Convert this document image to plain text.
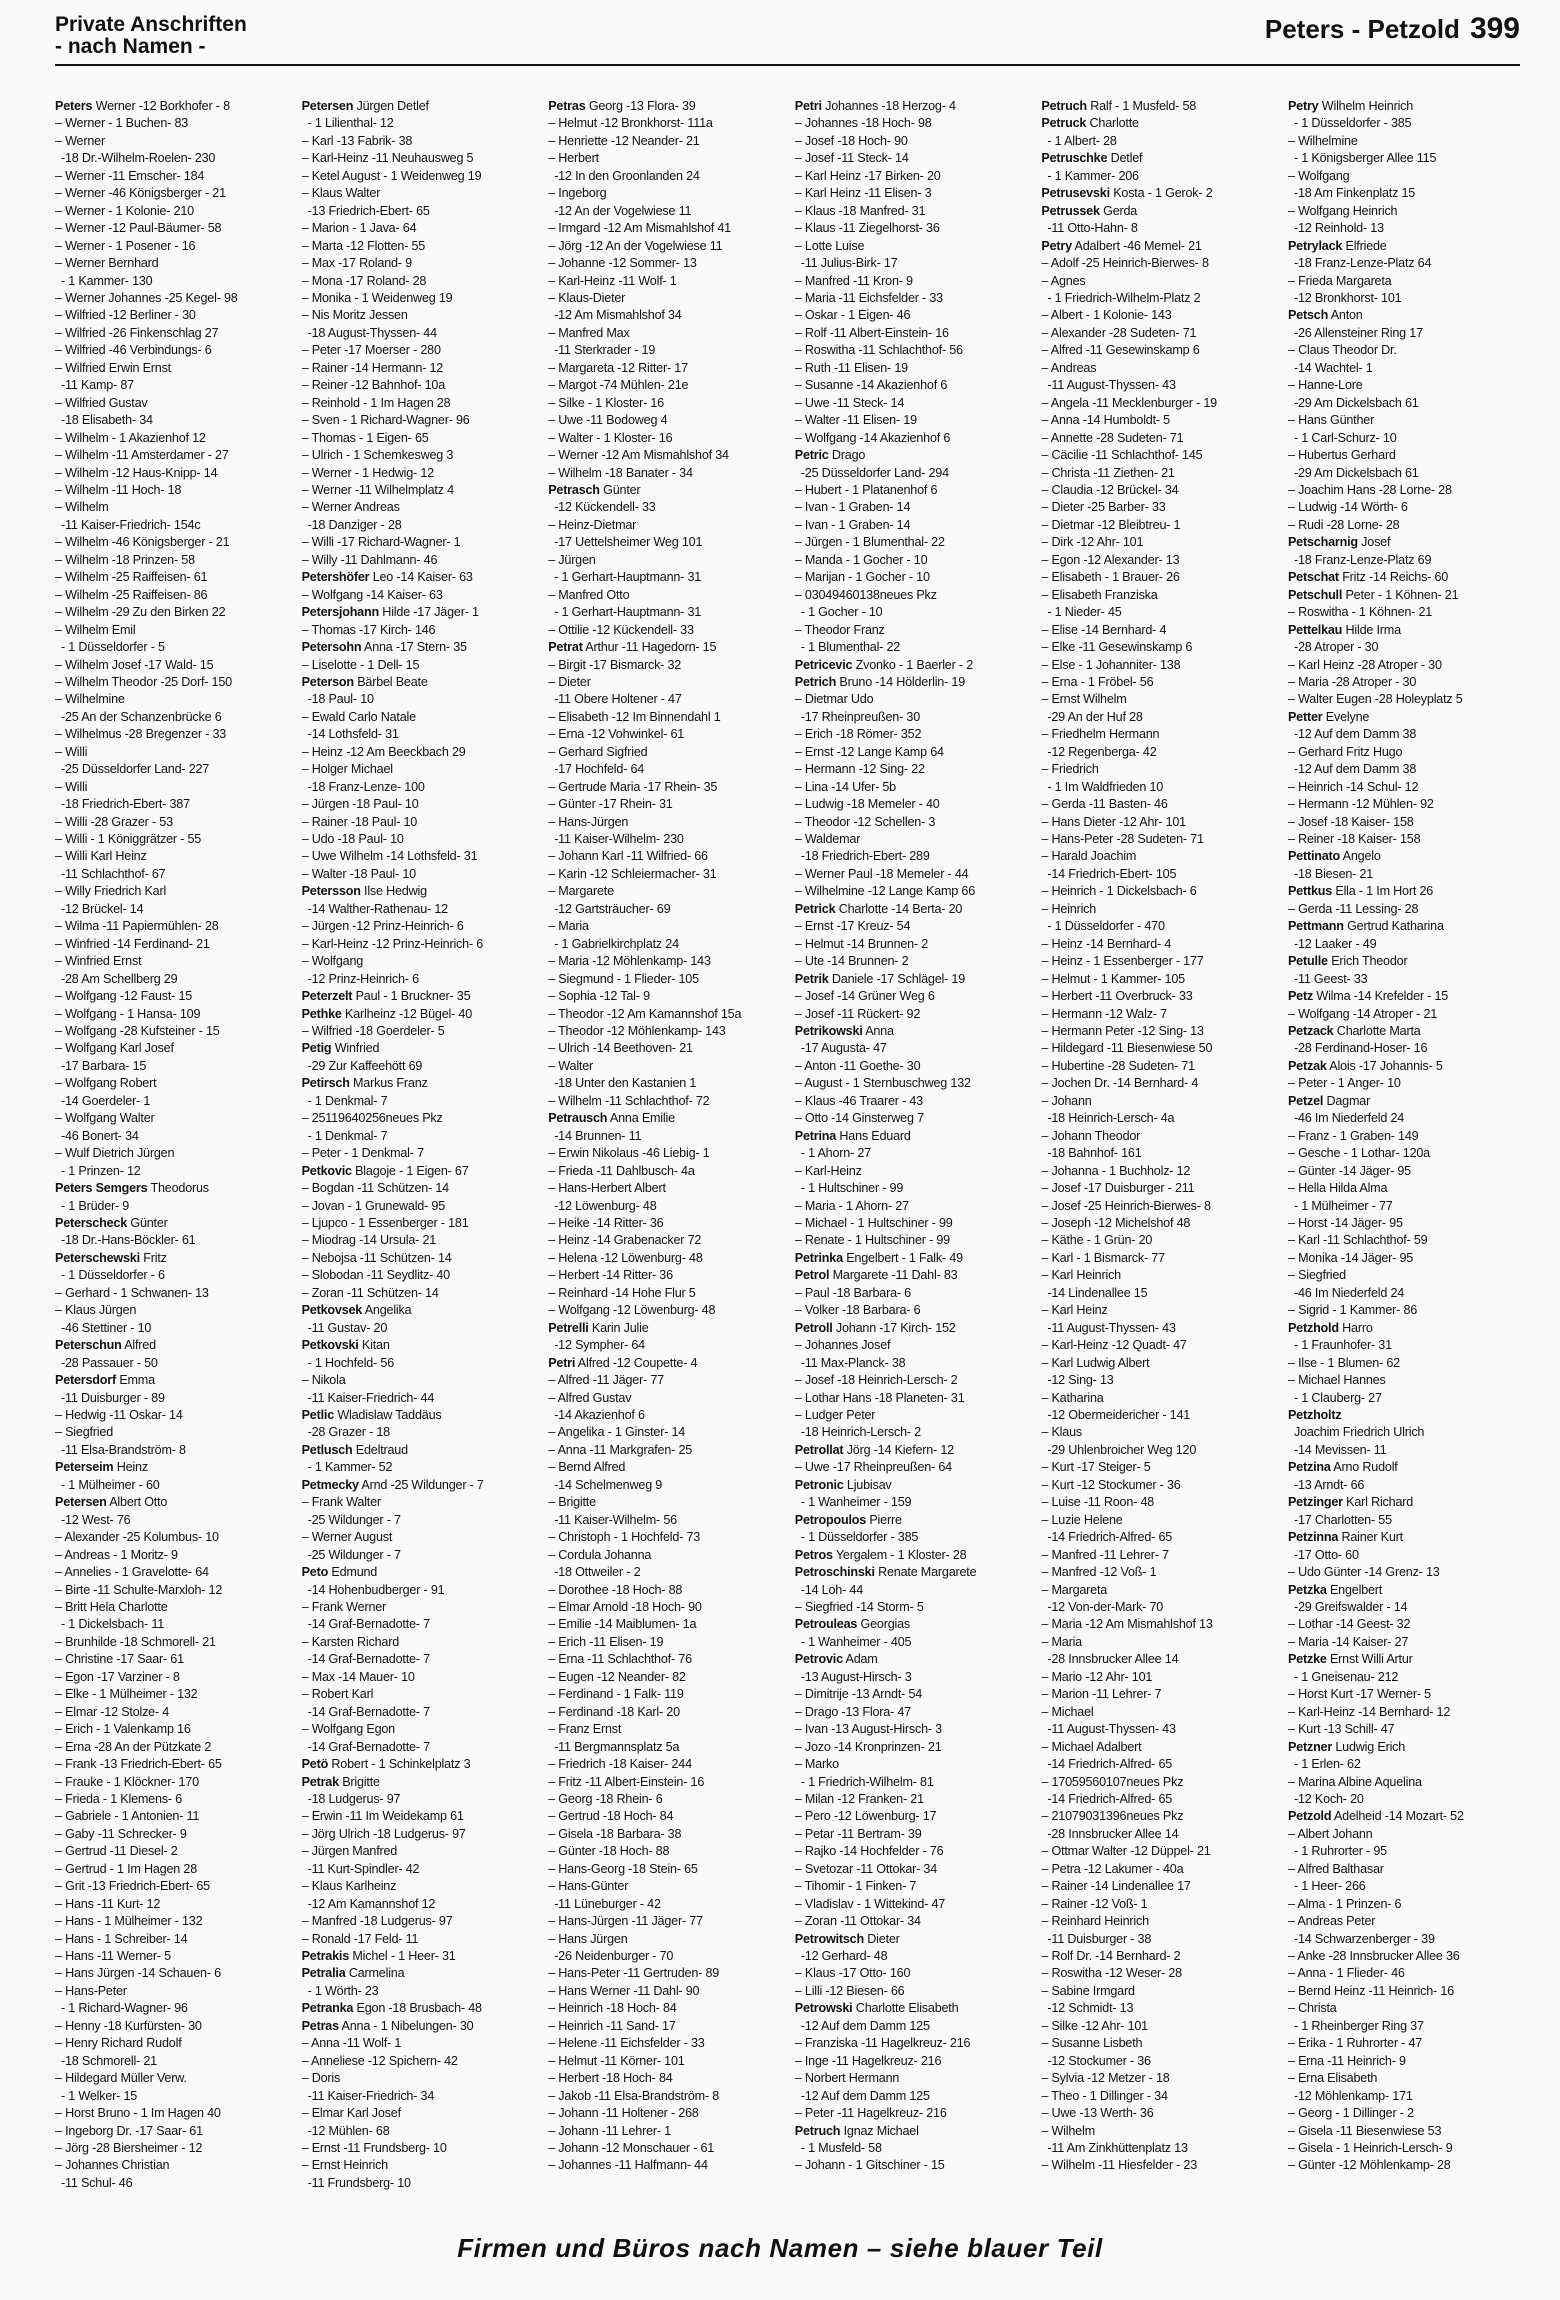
Private Anschriften
- nach Namen -
Peters - Petzold 399
Peters Werner -12 Borkhofer - 8
– Werner - 1 Buchen- 83
– Werner
-18 Dr.-Wilhelm-Roelen- 230
– Werner -11 Emscher- 184
– Werner -46 Königsberger - 21
– Werner - 1 Kolonie- 210
– Werner -12 Paul-Bäumer- 58
– Werner - 1 Posener - 16
– Werner Bernhard
- 1 Kammer- 130
– Werner Johannes -25 Kegel- 98
– Wilfried -12 Berliner - 30
– Wilfried -26 Finkenschlag 27
– Wilfried -46 Verbindungs- 6
– Wilfried Erwin Ernst
-11 Kamp- 87
– Wilfried Gustav
-18 Elisabeth- 34
– Wilhelm - 1 Akazienhof 12
– Wilhelm -11 Amsterdamer - 27
– Wilhelm -12 Haus-Knipp- 14
– Wilhelm -11 Hoch- 18
– Wilhelm
-11 Kaiser-Friedrich- 154c
– Wilhelm -46 Königsberger - 21
– Wilhelm -18 Prinzen- 58
– Wilhelm -25 Raiffeisen- 61
– Wilhelm -25 Raiffeisen- 86
– Wilhelm -29 Zu den Birken 22
– Wilhelm Emil
- 1 Düsseldorfer - 5
– Wilhelm Josef -17 Wald- 15
– Wilhelm Theodor -25 Dorf- 150
– Wilhelmine
-25 An der Schanzenbrücke 6
– Wilhelmus -28 Bregenzer - 33
– Willi
-25 Düsseldorfer Land- 227
– Willi
-18 Friedrich-Ebert- 387
– Willi -28 Grazer - 53
– Willi - 1 Königgrätzer - 55
– Willi Karl Heinz
-11 Schlachthof- 67
– Willy Friedrich Karl
-12 Brückel- 14
– Wilma -11 Papiermühlen- 28
– Winfried -14 Ferdinand- 21
– Winfried Ernst
-28 Am Schellberg 29
– Wolfgang -12 Faust- 15
– Wolfgang - 1 Hansa- 109
– Wolfgang -28 Kufsteiner - 15
– Wolfgang Karl Josef
-17 Barbara- 15
– Wolfgang Robert
-14 Goerdeler- 1
– Wolfgang Walter
-46 Bonert- 34
– Wulf Dietrich Jürgen
- 1 Prinzen- 12
Peters Semgers Theodorus
- 1 Brüder- 9
Peterscheck Günter
-18 Dr.-Hans-Böckler- 61
Peterschewski Fritz
- 1 Düsseldorfer - 6
– Gerhard - 1 Schwanen- 13
– Klaus Jürgen
-46 Stettiner - 10
Peterschun Alfred
-28 Passauer - 50
Petersdorf Emma
-11 Duisburger - 89
– Hedwig -11 Oskar- 14
– Siegfried
-11 Elsa-Brandström- 8
Peterseim Heinz
- 1 Mülheimer - 60
Petersen Albert Otto
-12 West- 76
– Alexander -25 Kolumbus- 10
– Andreas - 1 Moritz- 9
– Annelies - 1 Gravelotte- 64
– Birte -11 Schulte-Marxloh- 12
– Britt Hela Charlotte
- 1 Dickelsbach- 11
– Brunhilde -18 Schmorell- 21
– Christine -17 Saar- 61
– Egon -17 Varziner - 8
– Elke - 1 Mülheimer - 132
– Elmar -12 Stolze- 4
– Erich - 1 Valenkamp 16
– Erna -28 An der Pützkate 2
– Frank -13 Friedrich-Ebert- 65
– Frauke - 1 Klöckner- 170
– Frieda - 1 Klemens- 6
– Gabriele - 1 Antonien- 11
– Gaby -11 Schrecker- 9
– Gertrud -11 Diesel- 2
– Gertrud - 1 Im Hagen 28
– Grit -13 Friedrich-Ebert- 65
– Hans -11 Kurt- 12
– Hans - 1 Mülheimer - 132
– Hans - 1 Schreiber- 14
– Hans -11 Werner- 5
– Hans Jürgen -14 Schauen- 6
– Hans-Peter
- 1 Richard-Wagner- 96
– Henny -18 Kurfürsten- 30
– Henry Richard Rudolf
-18 Schmorell- 21
– Hildegard Müller Verw.
- 1 Welker- 15
– Horst Bruno - 1 Im Hagen 40
– Ingeborg Dr. -17 Saar- 61
– Jörg -28 Biersheimer - 12
– Johannes Christian
-11 Schul- 46
Petersen Jürgen Detlef
- 1 Lilienthal- 12
– Karl -13 Fabrik- 38
– Karl-Heinz -11 Neuhausweg 5
– Ketel August - 1 Weidenweg 19
– Klaus Walter
-13 Friedrich-Ebert- 65
– Marion - 1 Java- 64
– Marta -12 Flotten- 55
– Max -17 Roland- 9
– Mona -17 Roland- 28
– Monika - 1 Weidenweg 19
– Nis Moritz Jessen
-18 August-Thyssen- 44
– Peter -17 Moerser - 280
– Rainer -14 Hermann- 12
– Reiner -12 Bahnhof- 10a
– Reinhold - 1 Im Hagen 28
– Sven - 1 Richard-Wagner- 96
– Thomas - 1 Eigen- 65
– Ulrich - 1 Schemkesweg 3
– Werner - 1 Hedwig- 12
– Werner -11 Wilhelmplatz 4
– Werner Andreas
-18 Danziger - 28
– Willi -17 Richard-Wagner- 1
– Willy -11 Dahlmann- 46
Petershöfer Leo -14 Kaiser- 63
– Wolfgang -14 Kaiser- 63
Petersjohann Hilde -17 Jäger- 1
– Thomas -17 Kirch- 146
Petersohn Anna -17 Stern- 35
– Liselotte - 1 Dell- 15
Peterson Bärbel Beate
-18 Paul- 10
– Ewald Carlo Natale
-14 Lothsfeld- 31
– Heinz -12 Am Beeckbach 29
– Holger Michael
-18 Franz-Lenze- 100
– Jürgen -18 Paul- 10
– Rainer -18 Paul- 10
– Udo -18 Paul- 10
– Uwe Wilhelm -14 Lothsfeld- 31
– Walter -18 Paul- 10
Petersson Ilse Hedwig
-14 Walther-Rathenau- 12
– Jürgen -12 Prinz-Heinrich- 6
– Karl-Heinz -12 Prinz-Heinrich- 6
– Wolfgang
-12 Prinz-Heinrich- 6
Peterzelt Paul - 1 Bruckner- 35
Pethke Karlheinz -12 Bügel- 40
– Wilfried -18 Goerdeler- 5
Petig Winfried
-29 Zur Kaffeehött 69
Petirsch Markus Franz
- 1 Denkmal- 7
– 25119640256neues Pkz
- 1 Denkmal- 7
– Peter - 1 Denkmal- 7
Petkovic Blagoje - 1 Eigen- 67
– Bogdan -11 Schützen- 14
– Jovan - 1 Grunewald- 95
– Ljupco - 1 Essenberger - 181
– Miodrag -14 Ursula- 21
– Nebojsa -11 Schützen- 14
– Slobodan -11 Seydlitz- 40
– Zoran -11 Schützen- 14
Petkovsek Angelika
-11 Gustav- 20
Petkovski Kitan
- 1 Hochfeld- 56
– Nikola
-11 Kaiser-Friedrich- 44
Petlic Wladislaw Taddäus
-28 Grazer - 18
Petlusch Edeltraud
- 1 Kammer- 52
Petmecky Arnd -25 Wildunger - 7
– Frank Walter
-25 Wildunger - 7
– Werner August
-25 Wildunger - 7
Peto Edmund
-14 Hohenbudberger - 91
– Frank Werner
-14 Graf-Bernadotte- 7
– Karsten Richard
-14 Graf-Bernadotte- 7
– Max -14 Mauer- 10
– Robert Karl
-14 Graf-Bernadotte- 7
– Wolfgang Egon
-14 Graf-Bernadotte- 7
Petö Robert - 1 Schinkelplatz 3
Petrak Brigitte
-18 Ludgerus- 97
– Erwin -11 Im Weidekamp 61
– Jörg Ulrich -18 Ludgerus- 97
– Jürgen Manfred
-11 Kurt-Spindler- 42
– Klaus Karlheinz
-12 Am Kamannshof 12
– Manfred -18 Ludgerus- 97
– Ronald -17 Feld- 11
Petrakis Michel - 1 Heer- 31
Petralia Carmelina
- 1 Wörth- 23
Petranka Egon -18 Brusbach- 48
Petras Anna - 1 Nibelungen- 30
– Anna -11 Wolf- 1
– Anneliese -12 Spichern- 42
– Doris
-11 Kaiser-Friedrich- 34
– Elmar Karl Josef
-12 Mühlen- 68
– Ernst -11 Frundsberg- 10
– Ernst Heinrich
-11 Frundsberg- 10
Petras Georg -13 Flora- 39
– Helmut -12 Bronkhorst- 111a
– Henriette -12 Neander- 21
– Herbert
-12 In den Groonlanden 24
– Ingeborg
-12 An der Vogelwiese 11
– Irmgard -12 Am Mismahlshof 41
– Jörg -12 An der Vogelwiese 11
– Johanne -12 Sommer- 13
– Karl-Heinz -11 Wolf- 1
– Klaus-Dieter
-12 Am Mismahlshof 34
– Manfred Max
-11 Sterkrader - 19
– Margareta -12 Ritter- 17
– Margot -74 Mühlen- 21e
– Silke - 1 Kloster- 16
– Uwe -11 Bodoweg 4
– Walter - 1 Kloster- 16
– Werner -12 Am Mismahlshof 34
– Wilhelm -18 Banater - 34
Petrasch Günter
-12 Kückendell- 33
– Heinz-Dietmar
-17 Uettelsheimer Weg 101
– Jürgen
- 1 Gerhart-Hauptmann- 31
– Manfred Otto
- 1 Gerhart-Hauptmann- 31
– Ottilie -12 Kückendell- 33
Petrat Arthur -11 Hagedorn- 15
– Birgit -17 Bismarck- 32
– Dieter
-11 Obere Holtener - 47
– Elisabeth -12 Im Binnendahl 1
– Erna -12 Vohwinkel- 61
– Gerhard Sigfried
-17 Hochfeld- 64
– Gertrude Maria -17 Rhein- 35
– Günter -17 Rhein- 31
– Hans-Jürgen
-11 Kaiser-Wilhelm- 230
– Johann Karl -11 Wilfried- 66
– Karin -12 Schleiermacher- 31
– Margarete
-12 Gartsträucher- 69
– Maria
- 1 Gabrielkirchplatz 24
– Maria -12 Möhlenkamp- 143
– Siegmund - 1 Flieder- 105
– Sophia -12 Tal- 9
– Theodor -12 Am Kamannshof 15a
– Theodor -12 Möhlenkamp- 143
– Ulrich -14 Beethoven- 21
– Walter
-18 Unter den Kastanien 1
– Wilhelm -11 Schlachthof- 72
Petrausch Anna Emilie
-14 Brunnen- 11
– Erwin Nikolaus -46 Liebig- 1
– Frieda -11 Dahlbusch- 4a
– Hans-Herbert Albert
-12 Löwenburg- 48
– Heike -14 Ritter- 36
– Heinz -14 Grabenacker 72
– Helena -12 Löwenburg- 48
– Herbert -14 Ritter- 36
– Reinhard -14 Hohe Flur 5
– Wolfgang -12 Löwenburg- 48
Petrelli Karin Julie
-12 Sympher- 64
Petri Alfred -12 Coupette- 4
– Alfred -11 Jäger- 77
– Alfred Gustav
-14 Akazienhof 6
– Angelika - 1 Ginster- 14
– Anna -11 Markgrafen- 25
– Bernd Alfred
-14 Schelmenweg 9
– Brigitte
-11 Kaiser-Wilhelm- 56
– Christoph - 1 Hochfeld- 73
– Cordula Johanna
-18 Ottweiler - 2
– Dorothee -18 Hoch- 88
– Elmar Arnold -18 Hoch- 90
– Emilie -14 Maiblumen- 1a
– Erich -11 Elisen- 19
– Erna -11 Schlachthof- 76
– Eugen -12 Neander- 82
– Ferdinand - 1 Falk- 119
– Ferdinand -18 Karl- 20
– Franz Ernst
-11 Bergmannsplatz 5a
– Friedrich -18 Kaiser- 244
– Fritz -11 Albert-Einstein- 16
– Georg -18 Rhein- 6
– Gertrud -18 Hoch- 84
– Gisela -18 Barbara- 38
– Günter -18 Hoch- 88
– Hans-Georg -18 Stein- 65
– Hans-Günter
-11 Lüneburger - 42
– Hans-Jürgen -11 Jäger- 77
– Hans Jürgen
-26 Neidenburger - 70
– Hans-Peter -11 Gertruden- 89
– Hans Werner -11 Dahl- 90
– Heinrich -18 Hoch- 84
– Heinrich -11 Sand- 17
– Helene -11 Eichsfelder - 33
– Helmut -11 Körner- 101
– Herbert -18 Hoch- 84
– Jakob -11 Elsa-Brandström- 8
– Johann -11 Holtener - 268
– Johann -11 Lehrer- 1
– Johann -12 Monschauer - 61
– Johannes -11 Halfmann- 44
Petri Johannes -18 Herzog- 4
– Johannes -18 Hoch- 98
– Josef -18 Hoch- 90
– Josef -11 Steck- 14
– Karl Heinz -17 Birken- 20
– Karl Heinz -11 Elisen- 3
– Klaus -18 Manfred- 31
– Klaus -11 Ziegelhorst- 36
– Lotte Luise
-11 Julius-Birk- 17
– Manfred -11 Kron- 9
– Maria -11 Eichsfelder - 33
– Oskar - 1 Eigen- 46
– Rolf -11 Albert-Einstein- 16
– Roswitha -11 Schlachthof- 56
– Ruth -11 Elisen- 19
– Susanne -14 Akazienhof 6
– Uwe -11 Steck- 14
– Walter -11 Elisen- 19
– Wolfgang -14 Akazienhof 6
Petric Drago
-25 Düsseldorfer Land- 294
– Hubert - 1 Platanenhof 6
– Ivan - 1 Graben- 14
– Ivan - 1 Graben- 14
– Jürgen - 1 Blumenthal- 22
– Manda - 1 Gocher - 10
– Marijan - 1 Gocher - 10
– 03049460138neues Pkz
- 1 Gocher - 10
– Theodor Franz
- 1 Blumenthal- 22
Petricevic Zvonko - 1 Baerler - 2
Petrich Bruno -14 Hölderlin- 19
– Dietmar Udo
-17 Rheinpreußen- 30
– Erich -18 Römer- 352
– Ernst -12 Lange Kamp 64
– Hermann -12 Sing- 22
– Lina -14 Ufer- 5b
– Ludwig -18 Memeler - 40
– Theodor -12 Schellen- 3
– Waldemar
-18 Friedrich-Ebert- 289
– Werner Paul -18 Memeler - 44
– Wilhelmine -12 Lange Kamp 66
Petrick Charlotte -14 Berta- 20
– Ernst -17 Kreuz- 54
– Helmut -14 Brunnen- 2
– Ute -14 Brunnen- 2
Petrik Daniele -17 Schlägel- 19
– Josef -14 Grüner Weg 6
– Josef -11 Rückert- 92
Petrikowski Anna
-17 Augusta- 47
– Anton -11 Goethe- 30
– August - 1 Sternbuschweg 132
– Klaus -46 Traarer - 43
– Otto -14 Ginsterweg 7
Petrina Hans Eduard
- 1 Ahorn- 27
– Karl-Heinz
- 1 Hultschiner - 99
– Maria - 1 Ahorn- 27
– Michael - 1 Hultschiner - 99
– Renate - 1 Hultschiner - 99
Petrinka Engelbert - 1 Falk- 49
Petrol Margarete -11 Dahl- 83
– Paul -18 Barbara- 6
– Volker -18 Barbara- 6
Petroll Johann -17 Kirch- 152
– Johannes Josef
-11 Max-Planck- 38
– Josef -18 Heinrich-Lersch- 2
– Lothar Hans -18 Planeten- 31
– Ludger Peter
-18 Heinrich-Lersch- 2
Petrollat Jörg -14 Kiefern- 12
– Uwe -17 Rheinpreußen- 64
Petronic Ljubisav
- 1 Wanheimer - 159
Petropoulos Pierre
- 1 Düsseldorfer - 385
Petros Yergalem - 1 Kloster- 28
Petroschinski Renate Margarete
-14 Loh- 44
– Siegfried -14 Storm- 5
Petrouleas Georgias
- 1 Wanheimer - 405
Petrovic Adam
-13 August-Hirsch- 3
– Dimitrije -13 Arndt- 54
– Drago -13 Flora- 47
– Ivan -13 August-Hirsch- 3
– Jozo -14 Kronprinzen- 21
– Marko
- 1 Friedrich-Wilhelm- 81
– Milan -12 Franken- 21
– Pero -12 Löwenburg- 17
– Petar -11 Bertram- 39
– Rajko -14 Hochfelder - 76
– Svetozar -11 Ottokar- 34
– Tihomir - 1 Finken- 7
– Vladislav - 1 Wittekind- 47
– Zoran -11 Ottokar- 34
Petrowitsch Dieter
-12 Gerhard- 48
– Klaus -17 Otto- 160
– Lilli -12 Biesen- 66
Petrowski Charlotte Elisabeth
-12 Auf dem Damm 125
– Franziska -11 Hagelkreuz- 216
– Inge -11 Hagelkreuz- 216
– Norbert Hermann
-12 Auf dem Damm 125
– Peter -11 Hagelkreuz- 216
Petruch Ignaz Michael
- 1 Musfeld- 58
– Johann - 1 Gitschiner - 15
Petruch Ralf - 1 Musfeld- 58
Petruck Charlotte
- 1 Albert- 28
Petruschke Detlef
- 1 Kammer- 206
Petrusevski Kosta - 1 Gerok- 2
Petrussek Gerda
-11 Otto-Hahn- 8
Petry Adalbert -46 Memel- 21
– Adolf -25 Heinrich-Bierwes- 8
– Agnes
- 1 Friedrich-Wilhelm-Platz 2
– Albert - 1 Kolonie- 143
– Alexander -28 Sudeten- 71
– Alfred -11 Gesewinskamp 6
– Andreas
-11 August-Thyssen- 43
– Angela -11 Mecklenburger - 19
– Anna -14 Humboldt- 5
– Annette -28 Sudeten- 71
– Cäcilie -11 Schlachthof- 145
– Christa -11 Ziethen- 21
– Claudia -12 Brückel- 34
– Dieter -25 Barber- 33
– Dietmar -12 Bleibtreu- 1
– Dirk -12 Ahr- 101
– Egon -12 Alexander- 13
– Elisabeth - 1 Brauer- 26
– Elisabeth Franziska
- 1 Nieder- 45
– Elise -14 Bernhard- 4
– Elke -11 Gesewinskamp 6
– Else - 1 Johanniter- 138
– Erna - 1 Fröbel- 56
– Ernst Wilhelm
-29 An der Huf 28
– Friedhelm Hermann
-12 Regenberga- 42
– Friedrich
- 1 Im Waldfrieden 10
– Gerda -11 Basten- 46
– Hans Dieter -12 Ahr- 101
– Hans-Peter -28 Sudeten- 71
– Harald Joachim
-14 Friedrich-Ebert- 105
– Heinrich - 1 Dickelsbach- 6
– Heinrich
- 1 Düsseldorfer - 470
– Heinz -14 Bernhard- 4
– Heinz - 1 Essenberger - 177
– Helmut - 1 Kammer- 105
– Herbert -11 Overbruck- 33
– Hermann -12 Walz- 7
– Hermann Peter -12 Sing- 13
– Hildegard -11 Biesenwiese 50
– Hubertine -28 Sudeten- 71
– Jochen Dr. -14 Bernhard- 4
– Johann
-18 Heinrich-Lersch- 4a
– Johann Theodor
-18 Bahnhof- 161
– Johanna - 1 Buchholz- 12
– Josef -17 Duisburger - 211
– Josef -25 Heinrich-Bierwes- 8
– Joseph -12 Michelshof 48
– Käthe - 1 Grün- 20
– Karl - 1 Bismarck- 77
– Karl Heinrich
-14 Lindenallee 15
– Karl Heinz
-11 August-Thyssen- 43
– Karl-Heinz -12 Quadt- 47
– Karl Ludwig Albert
-12 Sing- 13
– Katharina
-12 Obermeidericher - 141
– Klaus
-29 Uhlenbroicher Weg 120
– Kurt -17 Steiger- 5
– Kurt -12 Stockumer - 36
– Luise -11 Roon- 48
– Luzie Helene
-14 Friedrich-Alfred- 65
– Manfred -11 Lehrer- 7
– Manfred -12 Voß- 1
– Margareta
-12 Von-der-Mark- 70
– Maria -12 Am Mismahlshof 13
– Maria
-28 Innsbrucker Allee 14
– Mario -12 Ahr- 101
– Marion -11 Lehrer- 7
– Michael
-11 August-Thyssen- 43
– Michael Adalbert
-14 Friedrich-Alfred- 65
– 17059560107neues Pkz
-14 Friedrich-Alfred- 65
– 21079031396neues Pkz
-28 Innsbrucker Allee 14
– Ottmar Walter -12 Düppel- 21
– Petra -12 Lakumer - 40a
– Rainer -14 Lindenallee 17
– Rainer -12 Voß- 1
– Reinhard Heinrich
-11 Duisburger - 38
– Rolf Dr. -14 Bernhard- 2
– Roswitha -12 Weser- 28
– Sabine Irmgard
-12 Schmidt- 13
– Silke -12 Ahr- 101
– Susanne Lisbeth
-12 Stockumer - 36
– Sylvia -12 Metzer - 18
– Theo - 1 Dillinger - 34
– Uwe -13 Werth- 36
– Wilhelm
-11 Am Zinkhüttenplatz 13
– Wilhelm -11 Hiesfelder - 23
Petry Wilhelm Heinrich
- 1 Düsseldorfer - 385
– Wilhelmine
- 1 Königsberger Allee 115
– Wolfgang
-18 Am Finkenplatz 15
– Wolfgang Heinrich
-12 Reinhold- 13
Petrylack Elfriede
-18 Franz-Lenze-Platz 64
– Frieda Margareta
-12 Bronkhorst- 101
Petsch Anton
-26 Allensteiner Ring 17
– Claus Theodor Dr.
-14 Wachtel- 1
– Hanne-Lore
-29 Am Dickelsbach 61
– Hans Günther
- 1 Carl-Schurz- 10
– Hubertus Gerhard
-29 Am Dickelsbach 61
– Joachim Hans -28 Lorne- 28
– Ludwig -14 Wörth- 6
– Rudi -28 Lorne- 28
Petscharnig Josef
-18 Franz-Lenze-Platz 69
Petschat Fritz -14 Reichs- 60
Petschull Peter - 1 Köhnen- 21
– Roswitha - 1 Köhnen- 21
Pettelkau Hilde Irma
-28 Atroper - 30
– Karl Heinz -28 Atroper - 30
– Maria -28 Atroper - 30
– Walter Eugen -28 Holeyplatz 5
Petter Evelyne
-12 Auf dem Damm 38
– Gerhard Fritz Hugo
-12 Auf dem Damm 38
– Heinrich -14 Schul- 12
– Hermann -12 Mühlen- 92
– Josef -18 Kaiser- 158
– Reiner -18 Kaiser- 158
Pettinato Angelo
-18 Biesen- 21
Pettkus Ella - 1 Im Hort 26
– Gerda -11 Lessing- 28
Pettmann Gertrud Katharina
-12 Laaker - 49
Petulle Erich Theodor
-11 Geest- 33
Petz Wilma -14 Krefelder - 15
– Wolfgang -14 Atroper - 21
Petzack Charlotte Marta
-28 Ferdinand-Hoser- 16
Petzak Alois -17 Johannis- 5
– Peter - 1 Anger- 10
Petzel Dagmar
-46 Im Niederfeld 24
– Franz - 1 Graben- 149
– Gesche - 1 Lothar- 120a
– Günter -14 Jäger- 95
– Hella Hilda Alma
- 1 Mülheimer - 77
– Horst -14 Jäger- 95
– Karl -11 Schlachthof- 59
– Monika -14 Jäger- 95
– Siegfried
-46 Im Niederfeld 24
– Sigrid - 1 Kammer- 86
Petzhold Harro
- 1 Fraunhofer- 31
– Ilse - 1 Blumen- 62
– Michael Hannes
- 1 Clauberg- 27
Petzholtz
Joachim Friedrich Ulrich
-14 Mevissen- 11
Petzina Arno Rudolf
-13 Arndt- 66
Petzinger Karl Richard
-17 Charlotten- 55
Petzinna Rainer Kurt
-17 Otto- 60
– Udo Günter -14 Grenz- 13
Petzka Engelbert
-29 Greifswalder - 14
– Lothar -14 Geest- 32
– Maria -14 Kaiser- 27
Petzke Ernst Willi Artur
- 1 Gneisenau- 212
– Horst Kurt -17 Werner- 5
– Karl-Heinz -14 Bernhard- 12
– Kurt -13 Schill- 47
Petzner Ludwig Erich
- 1 Erlen- 62
– Marina Albine Aquelina
-12 Koch- 20
Petzold Adelheid -14 Mozart- 52
– Albert Johann
- 1 Ruhrorter - 95
– Alfred Balthasar
- 1 Heer- 266
– Alma - 1 Prinzen- 6
– Andreas Peter
-14 Schwarzenberger - 39
– Anke -28 Innsbrucker Allee 36
– Anna - 1 Flieder- 46
– Bernd Heinz -11 Heinrich- 16
– Christa
- 1 Rheinberger Ring 37
– Erika - 1 Ruhrorter - 47
– Erna -11 Heinrich- 9
– Erna Elisabeth
-12 Möhlenkamp- 171
– Georg - 1 Dillinger - 2
– Gisela -11 Biesenwiese 53
– Gisela - 1 Heinrich-Lersch- 9
– Günter -12 Möhlenkamp- 28
Firmen und Büros nach Namen – siehe blauer Teil
